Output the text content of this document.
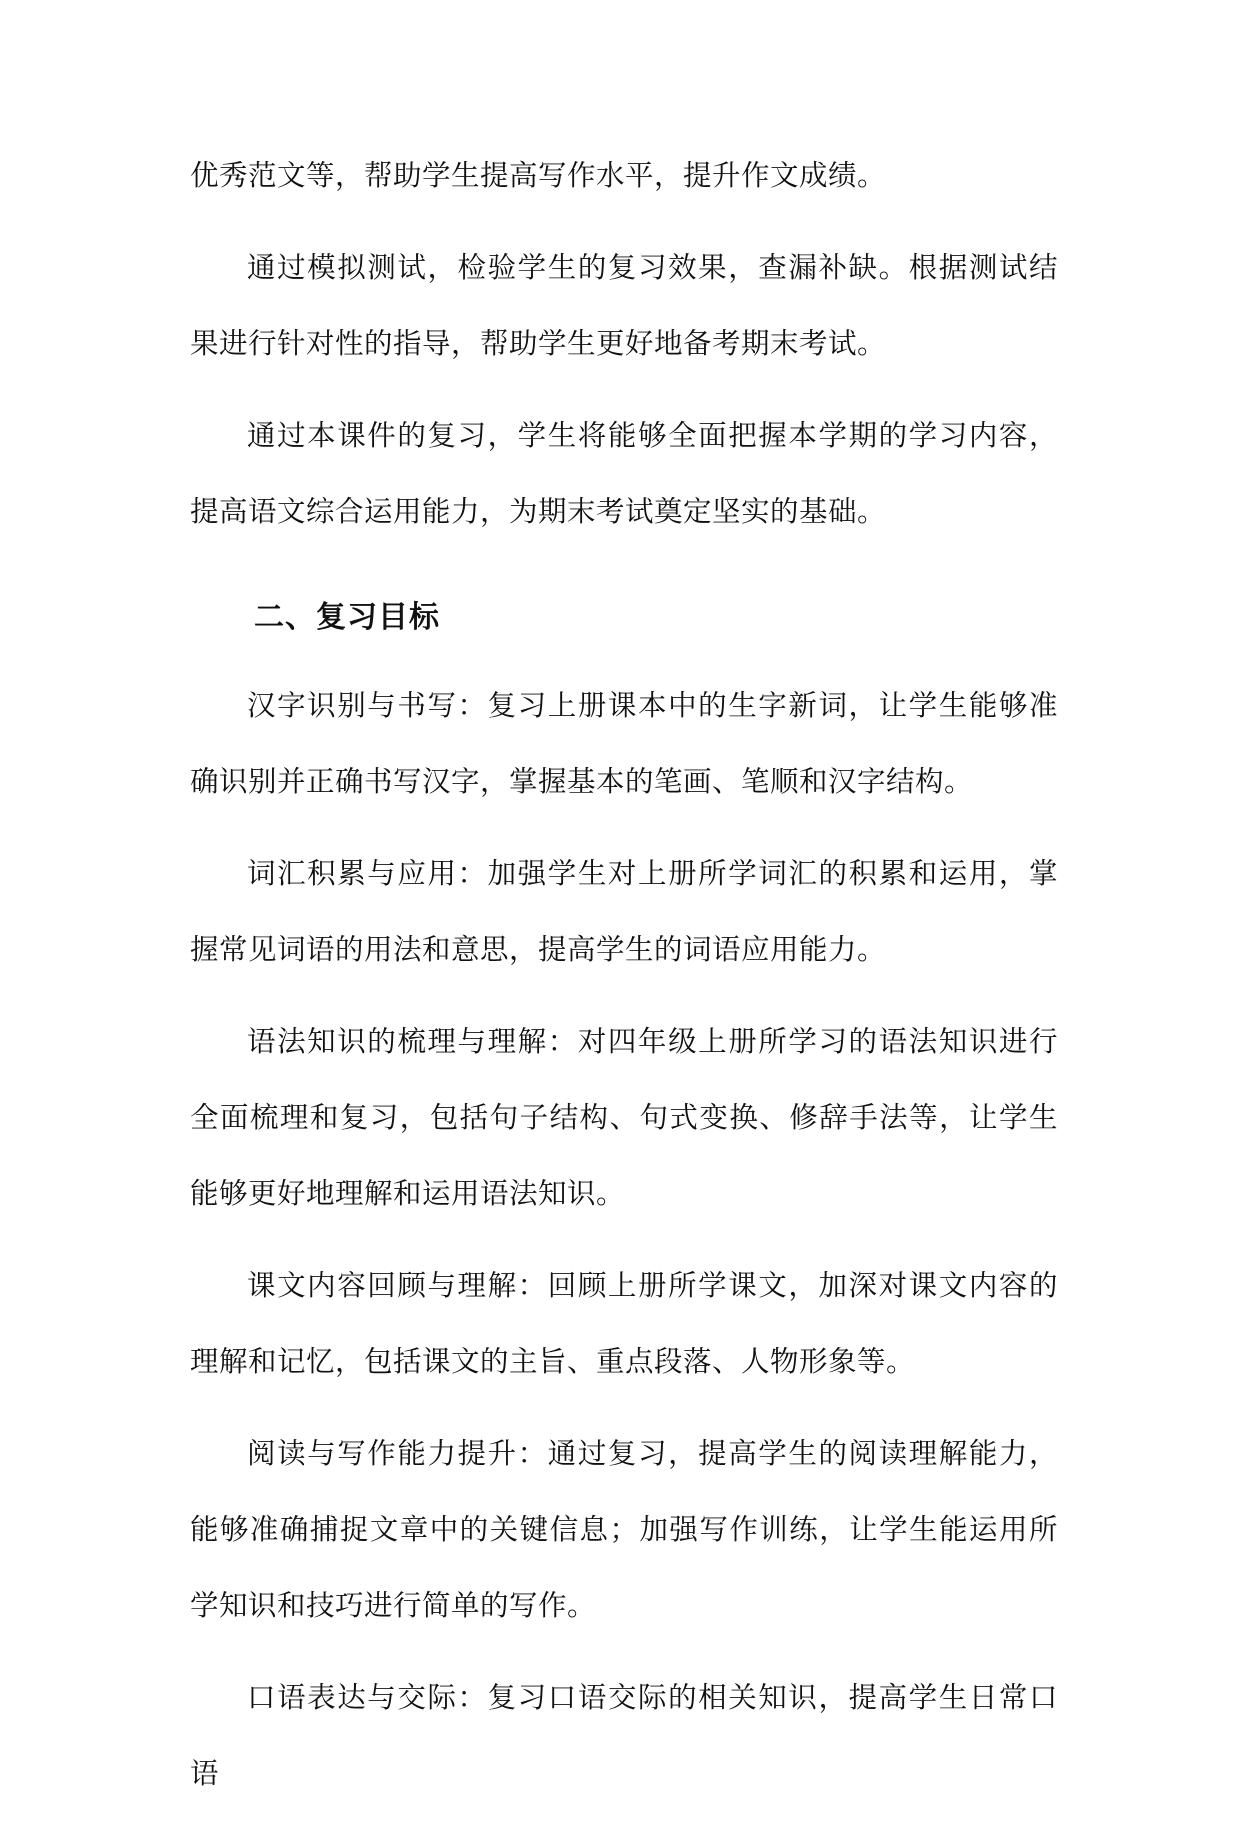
优秀范文等，帮助学生提高写作水平，提升作文成绩。

通过模拟测试，检验学生的复习效果，查漏补缺。根据测试结果进行针对性的指导，帮助学生更好地备考期末考试。

通过本课件的复习，学生将能够全面把握本学期的学习内容，提高语文综合运用能力，为期末考试奠定坚实的基础。

二、复习目标

汉字识别与书写：复习上册课本中的生字新词，让学生能够准确识别并正确书写汉字，掌握基本的笔画、笔顺和汉字结构。

词汇积累与应用：加强学生对上册所学词汇的积累和运用，掌握常见词语的用法和意思，提高学生的词语应用能力。

语法知识的梳理与理解：对四年级上册所学习的语法知识进行全面梳理和复习，包括句子结构、句式变换、修辞手法等，让学生能够更好地理解和运用语法知识。

课文内容回顾与理解：回顾上册所学课文，加深对课文内容的理解和记忆，包括课文的主旨、重点段落、人物形象等。

阅读与写作能力提升：通过复习，提高学生的阅读理解能力，能够准确捕捉文章中的关键信息；加强写作训练，让学生能运用所学知识和技巧进行简单的写作。

口语表达与交际：复习口语交际的相关知识，提高学生日常口语
